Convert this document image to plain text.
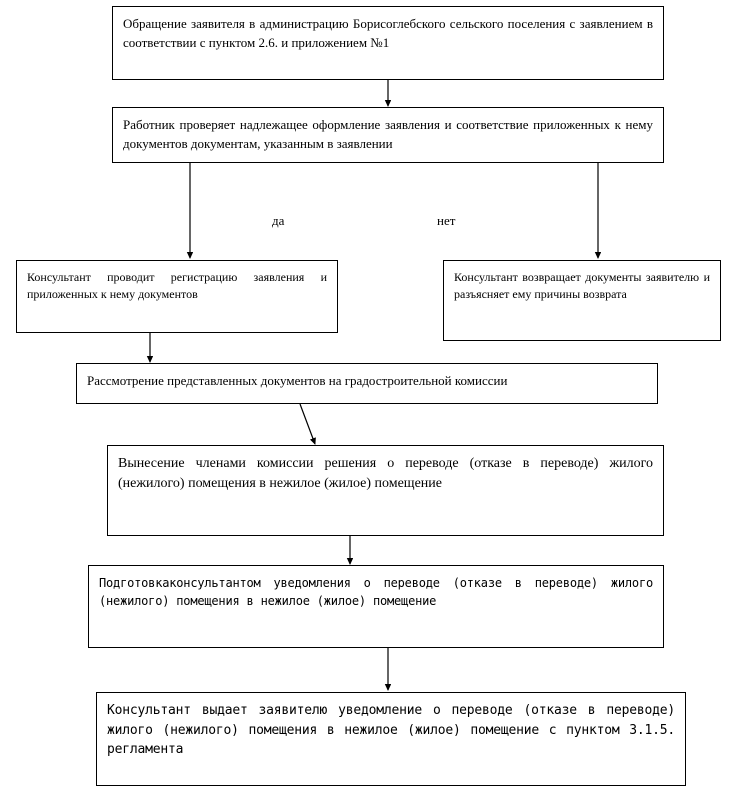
Обращение заявителя в администрацию Борисоглебского сельского поселения с заявлением в соответствии с пунктом 2.6. и приложением №1
Работник проверяет надлежащее оформление заявления и соответствие приложенных к нему документов документам, указанным в заявлении
да	нет
Консультант проводит регистрацию заявления и приложенных к нему документов
Консультант возвращает документы заявителю и разъясняет ему причины возврата
Рассмотрение представленных документов на градостроительной комиссии
Вынесение членами комиссии решения о переводе (отказе в переводе) жилого (нежилого) помещения в нежилое (жилое) помещение
Подготовкаконсультантом уведомления о переводе (отказе в переводе) жилого (нежилого) помещения в нежилое (жилое) помещение
Консультант выдает заявителю уведомление о переводе (отказе в переводе) жилого (нежилого) помещения в нежилое (жилое) помещение с пунктом 3.1.5. регламента
